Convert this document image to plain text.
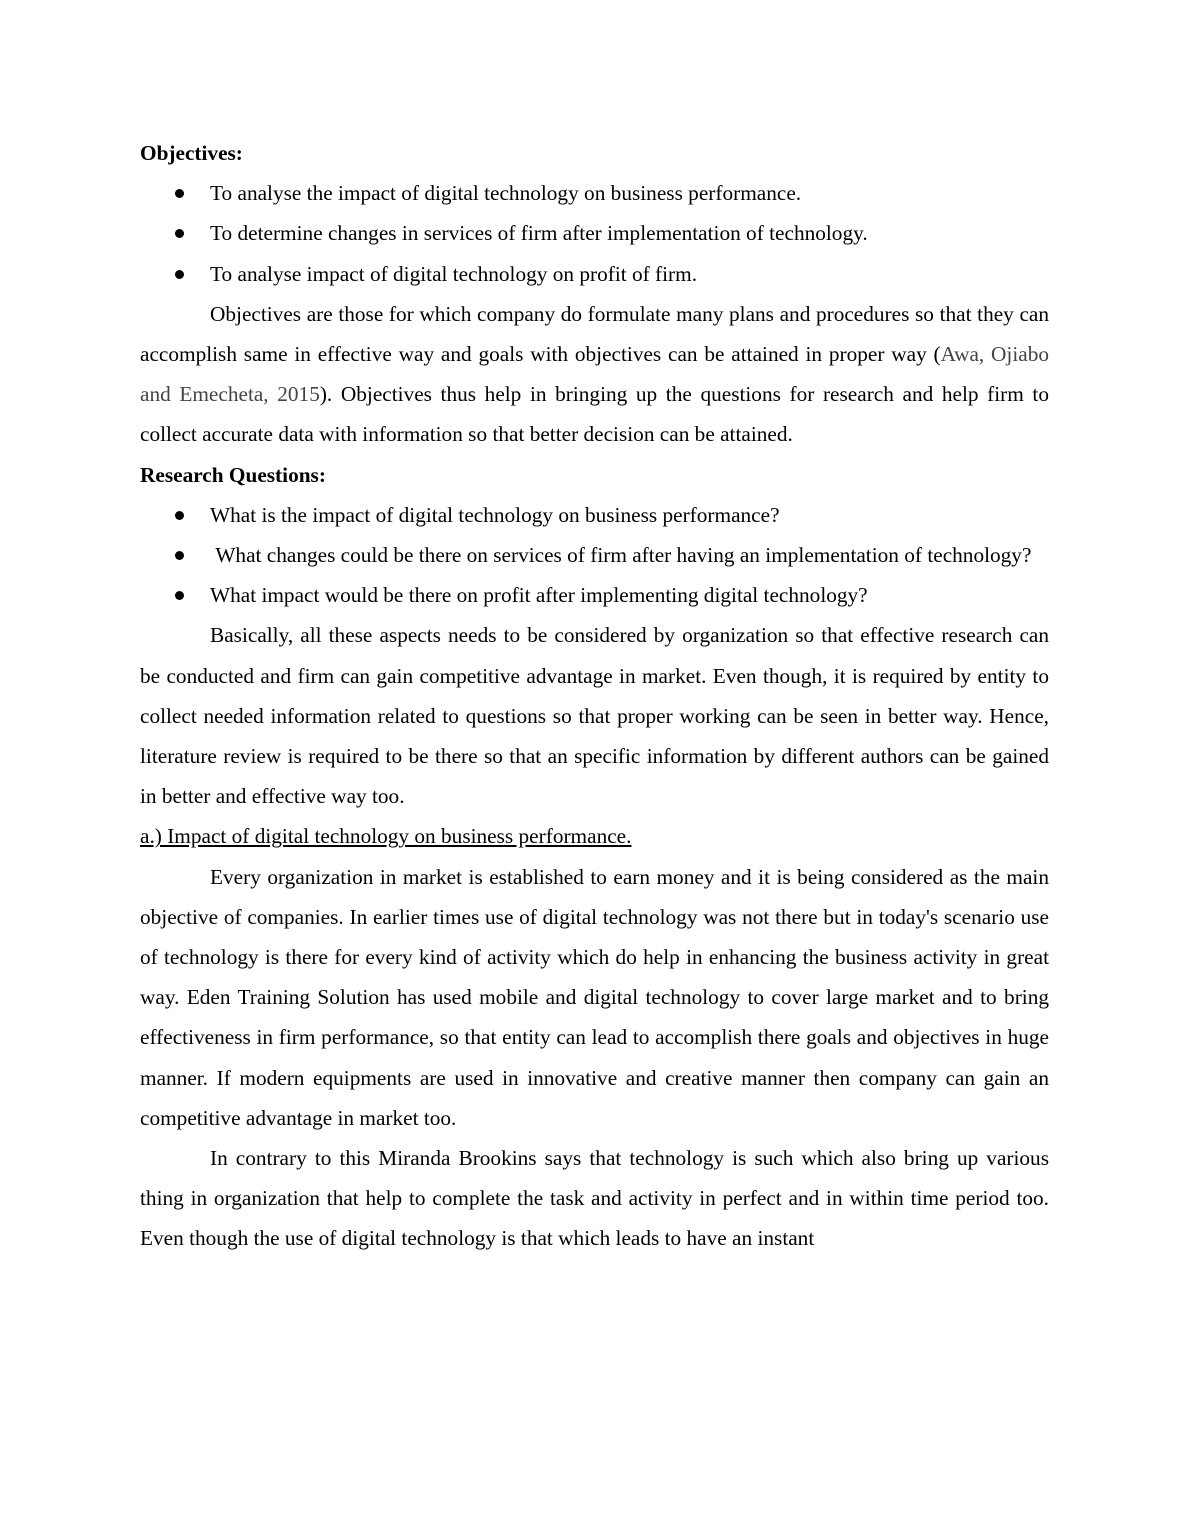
Objectives:

To analyse the impact of digital technology on business performance.
To determine changes in services of firm after implementation of technology.
To analyse impact of digital technology on profit of firm.

Objectives are those for which company do formulate many plans and procedures so that they can accomplish same in effective way and goals with objectives can be attained in proper way (Awa, Ojiabo and Emecheta, 2015). Objectives thus help in bringing up the questions for research and help firm to collect accurate data with information so that better decision can be attained.

Research Questions:

What is the impact of digital technology on business performance?
What changes could be there on services of firm after having an implementation of technology?
What impact would be there on profit after implementing digital technology?

Basically, all these aspects needs to be considered by organization so that effective research can be conducted and firm can gain competitive advantage in market. Even though, it is required by entity to collect needed information related to questions so that proper working can be seen in better way. Hence, literature review is required to be there so that an specific information by different authors can be gained in better and effective way too.

a.) Impact of digital technology on business performance.

Every organization in market is established to earn money and it is being considered as the main objective of companies. In earlier times use of digital technology was not there but in today's scenario use of technology is there for every kind of activity which do help in enhancing the business activity in great way. Eden Training Solution has used mobile and digital technology to cover large market and to bring effectiveness in firm performance, so that entity can lead to accomplish there goals and objectives in huge manner. If modern equipments are used in innovative and creative manner then company can gain an competitive advantage in market too.

In contrary to this Miranda Brookins says that technology is such which also bring up various thing in organization that help to complete the task and activity in perfect and in within time period too. Even though the use of digital technology is that which leads to have an instant
